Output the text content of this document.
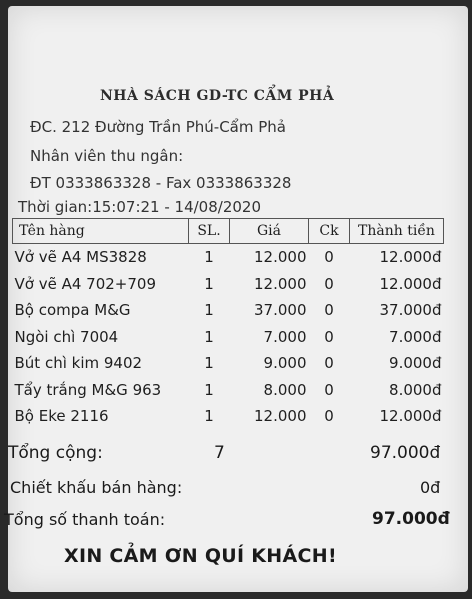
NHÀ SÁCH GD-TC CẨM PHẢ
ĐC. 212 Đường Trần Phú-Cẩm Phả
Nhân viên thu ngân:
ĐT 0333863328 - Fax 0333863328
Thời gian:15:07:21 - 14/08/2020
Tên hàng	SL.	Giá	Ck	Thành tiền
Vở vẽ A4 MS3828	1	12.000	0	12.000đ
Vở vẽ A4 702+709	1	12.000	0	12.000đ
Bộ compa M&G	1	37.000	0	37.000đ
Ngòi chì 7004	1	7.000	0	7.000đ
Bút chì kim 9402	1	9.000	0	9.000đ
Tẩy trắng M&G 963	1	8.000	0	8.000đ
Bộ Eke 2116	1	12.000	0	12.000đ
Tổng cộng:	7	97.000đ
Chiết khấu bán hàng:	0đ
Tổng số thanh toán:	97.000đ
XIN CẢM ƠN QUÍ KHÁCH!
